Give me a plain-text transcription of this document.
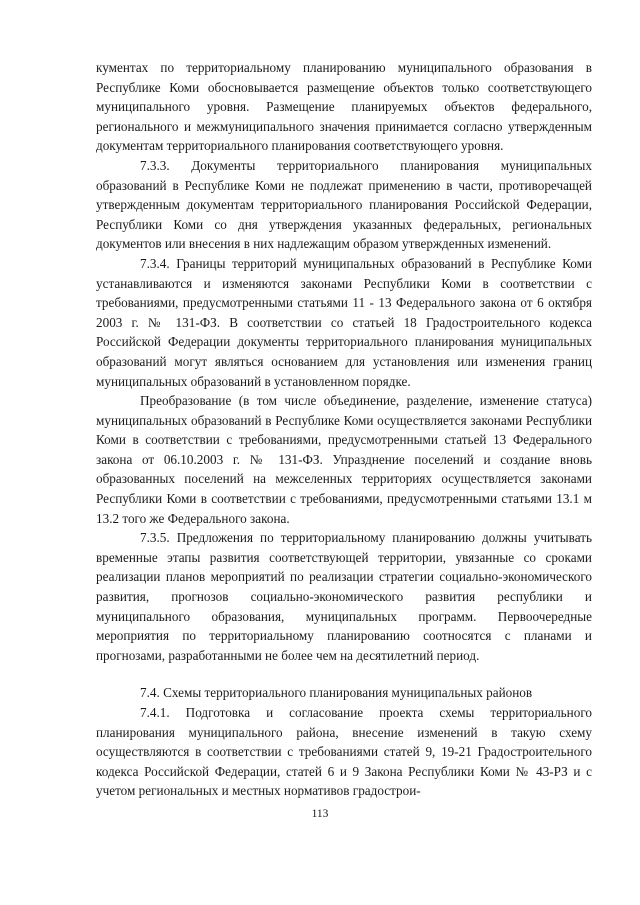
кументах по территориальному планированию муниципального образования в Республике Коми обосновывается размещение объектов только соответствующего муниципального уровня. Размещение планируемых объектов федерального, регионального и межмуниципального значения принимается согласно утвержденным документам территориального планирования соответствующего уровня.

7.3.3. Документы территориального планирования муниципальных образований в Республике Коми не подлежат применению в части, противоречащей утвержденным документам территориального планирования Российской Федерации, Республики Коми со дня утверждения указанных федеральных, региональных документов или внесения в них надлежащим образом утвержденных изменений.

7.3.4. Границы территорий муниципальных образований в Республике Коми устанавливаются и изменяются законами Республики Коми в соответствии с требованиями, предусмотренными статьями 11 - 13 Федерального закона от 6 октября 2003 г. № 131-ФЗ. В соответствии со статьей 18 Градостроительного кодекса Российской Федерации документы территориального планирования муниципальных образований могут являться основанием для установления или изменения границ муниципальных образований в установленном порядке.

Преобразование (в том числе объединение, разделение, изменение статуса) муниципальных образований в Республике Коми осуществляется законами Республики Коми в соответствии с требованиями, предусмотренными статьей 13 Федерального закона от 06.10.2003 г. № 131-ФЗ. Упразднение поселений и создание вновь образованных поселений на межселенных территориях осуществляется законами Республики Коми в соответствии с требованиями, предусмотренными статьями 13.1 м 13.2 того же Федерального закона.

7.3.5. Предложения по территориальному планированию должны учитывать временные этапы развития соответствующей территории, увязанные со сроками реализации планов мероприятий по реализации стратегии социально-экономического развития, прогнозов социально-экономического развития республики и муниципального образования, муниципальных программ. Первоочередные мероприятия по территориальному планированию соотносятся с планами и прогнозами, разработанными не более чем на десятилетний период.

7.4. Схемы территориального планирования муниципальных районов

7.4.1. Подготовка и согласование проекта схемы территориального планирования муниципального района, внесение изменений в такую схему осуществляются в соответствии с требованиями статей 9, 19-21 Градостроительного кодекса Российской Федерации, статей 6 и 9 Закона Республики Коми № 43-РЗ и с учетом региональных и местных нормативов градострои-

113
